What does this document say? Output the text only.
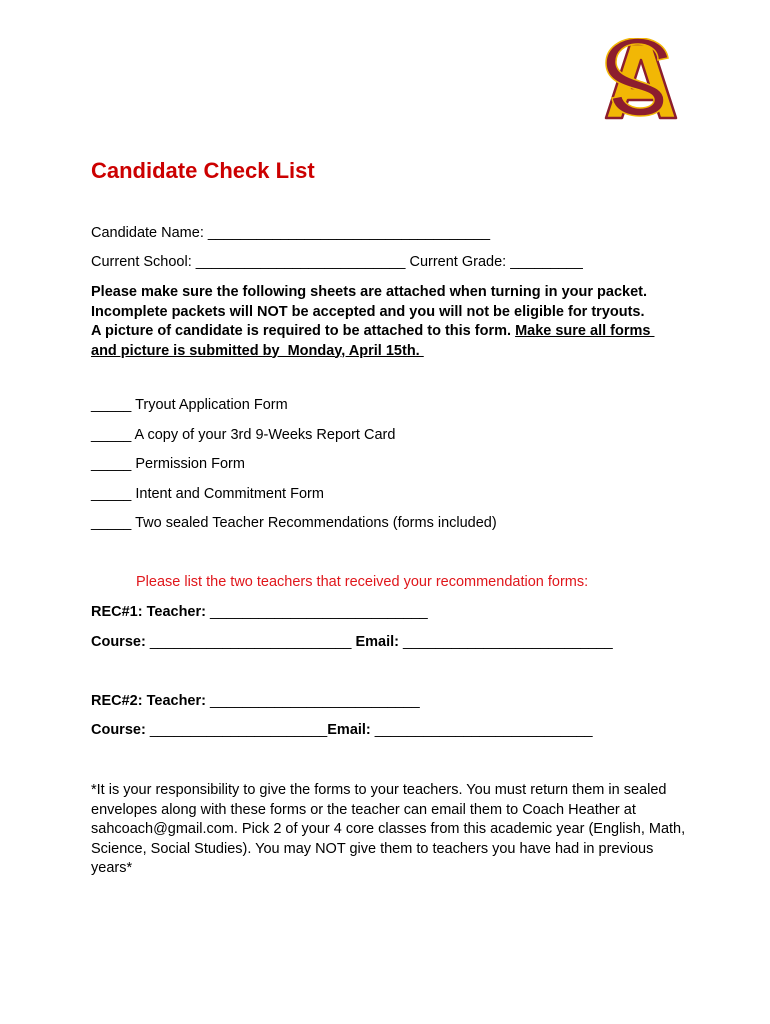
Candidate Check List
Candidate Name: ___________________________________
Current School: __________________________ Current Grade: _________
Please make sure the following sheets are attached when turning in your packet.
Incomplete packets will NOT be accepted and you will not be eligible for tryouts.
A picture of candidate is required to be attached to this form. Make sure all forms
and picture is submitted by  Monday, April 15th.
_____ Tryout Application Form
_____ A copy of your 3rd 9-Weeks Report Card
_____ Permission Form
_____ Intent and Commitment Form
_____ Two sealed Teacher Recommendations (forms included)
Please list the two teachers that received your recommendation forms:
REC#1: Teacher: ___________________________
Course: _________________________ Email: __________________________
REC#2: Teacher: __________________________
Course: ______________________Email: ___________________________
*It is your responsibility to give the forms to your teachers. You must return them in sealed envelopes along with these forms or the teacher can email them to Coach Heather at sahcoach@gmail.com. Pick 2 of your 4 core classes from this academic year (English, Math, Science, Social Studies). You may NOT give them to teachers you have had in previous years*
